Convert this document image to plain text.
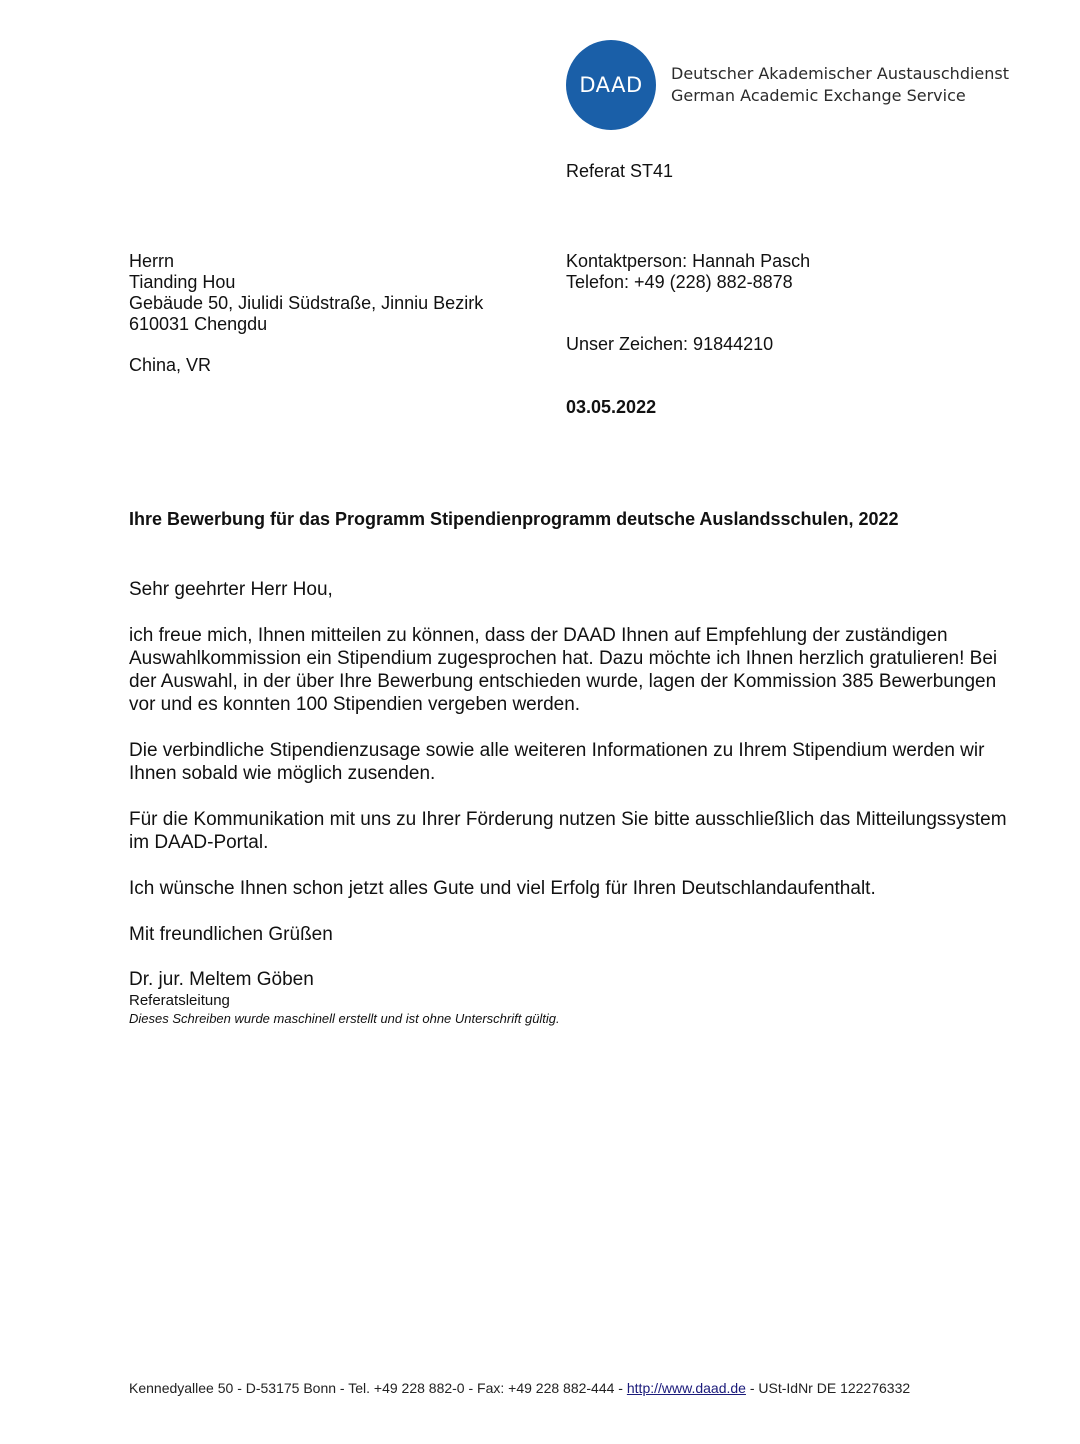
DAAD Deutscher Akademischer Austauschdienst
German Academic Exchange Service
Referat ST41
Kontaktperson: Hannah Pasch
Telefon: +49 (228) 882-8878
Unser Zeichen: 91844210
03.05.2022
Herrn
Tianding Hou
Gebäude 50, Jiulidi Südstraße, Jinniu Bezirk
610031 Chengdu
China, VR
Ihre Bewerbung für das Programm Stipendienprogramm deutsche Auslandsschulen, 2022
Sehr geehrter Herr Hou,
ich freue mich, Ihnen mitteilen zu können, dass der DAAD Ihnen auf Empfehlung der zuständigen Auswahlkommission ein Stipendium zugesprochen hat. Dazu möchte ich Ihnen herzlich gratulieren! Bei der Auswahl, in der über Ihre Bewerbung entschieden wurde, lagen der Kommission 385 Bewerbungen vor und es konnten 100 Stipendien vergeben werden.
Die verbindliche Stipendienzusage sowie alle weiteren Informationen zu Ihrem Stipendium werden wir Ihnen sobald wie möglich zusenden.
Für die Kommunikation mit uns zu Ihrer Förderung nutzen Sie bitte ausschließlich das Mitteilungssystem im DAAD-Portal.
Ich wünsche Ihnen schon jetzt alles Gute und viel Erfolg für Ihren Deutschlandaufenthalt.
Mit freundlichen Grüßen
Dr. jur. Meltem Göben
Referatsleitung
Dieses Schreiben wurde maschinell erstellt und ist ohne Unterschrift gültig.
Kennedyallee 50 - D-53175 Bonn - Tel. +49 228 882-0 - Fax: +49 228 882-444 - http://www.daad.de - USt-IdNr DE 122276332
